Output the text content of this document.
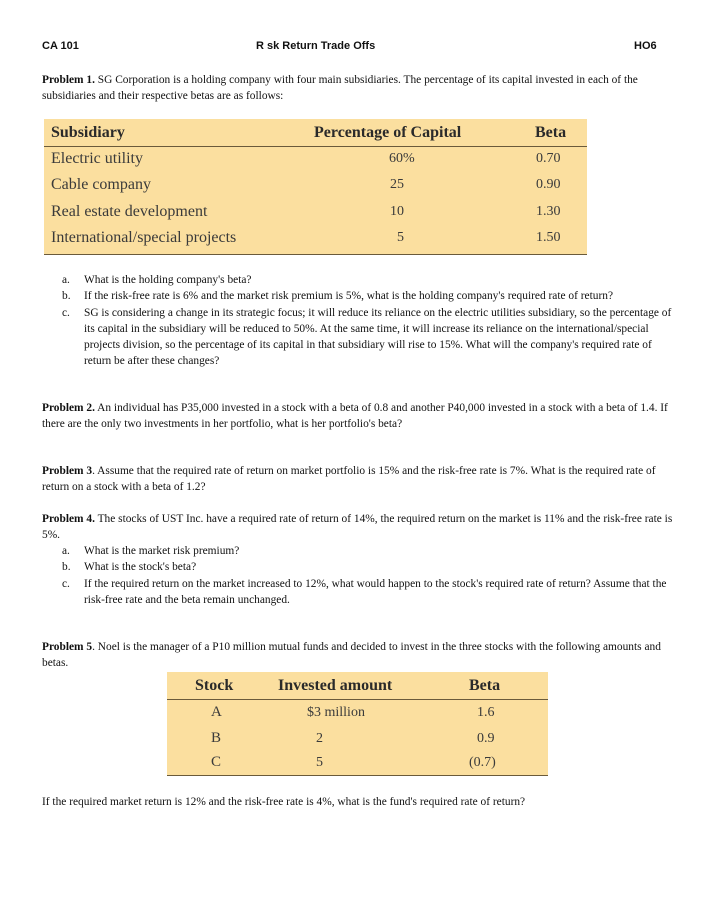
CA 101	R sk Return Trade Offs	HO6

Problem 1. SG Corporation is a holding company with four main subsidiaries. The percentage of its capital invested in each of the subsidiaries and their respective betas are as follows:

Subsidiary	Percentage of Capital	Beta
Electric utility	60%	0.70
Cable company	25	0.90
Real estate development	10	1.30
International/special projects	5	1.50
a.	What is the holding company's beta?
b.	If the risk-free rate is 6% and the market risk premium is 5%, what is the holding company's required rate of return?
c.	SG is considering a change in its strategic focus; it will reduce its reliance on the electric utilities subsidiary, so the percentage of its capital in the subsidiary will be reduced to 50%. At the same time, it will increase its reliance on the international/special projects division, so the percentage of its capital in that subsidiary will rise to 15%. What will the company's required rate of return be after these changes?

Problem 2. An individual has P35,000 invested in a stock with a beta of 0.8 and another P40,000 invested in a stock with a beta of 1.4. If there are the only two investments in her portfolio, what is her portfolio's beta?

Problem 3. Assume that the required rate of return on market portfolio is 15% and the risk-free rate is 7%. What is the required rate of return on a stock with a beta of 1.2?

Problem 4. The stocks of UST Inc. have a required rate of return of 14%, the required return on the market is 11% and the risk-free rate is 5%.

a.	What is the market risk premium?
b.	What is the stock's beta?
c.	If the required return on the market increased to 12%, what would happen to the stock's required rate of return? Assume that the risk-free rate and the beta remain unchanged.

Problem 5. Noel is the manager of a P10 million mutual funds and decided to invest in the three stocks with the following amounts and betas.

Stock	Invested amount	Beta
A	$3 million	1.6
B	2	0.9
C	5	(0.7)
If the required market return is 12% and the risk-free rate is 4%, what is the fund's required rate of return?
